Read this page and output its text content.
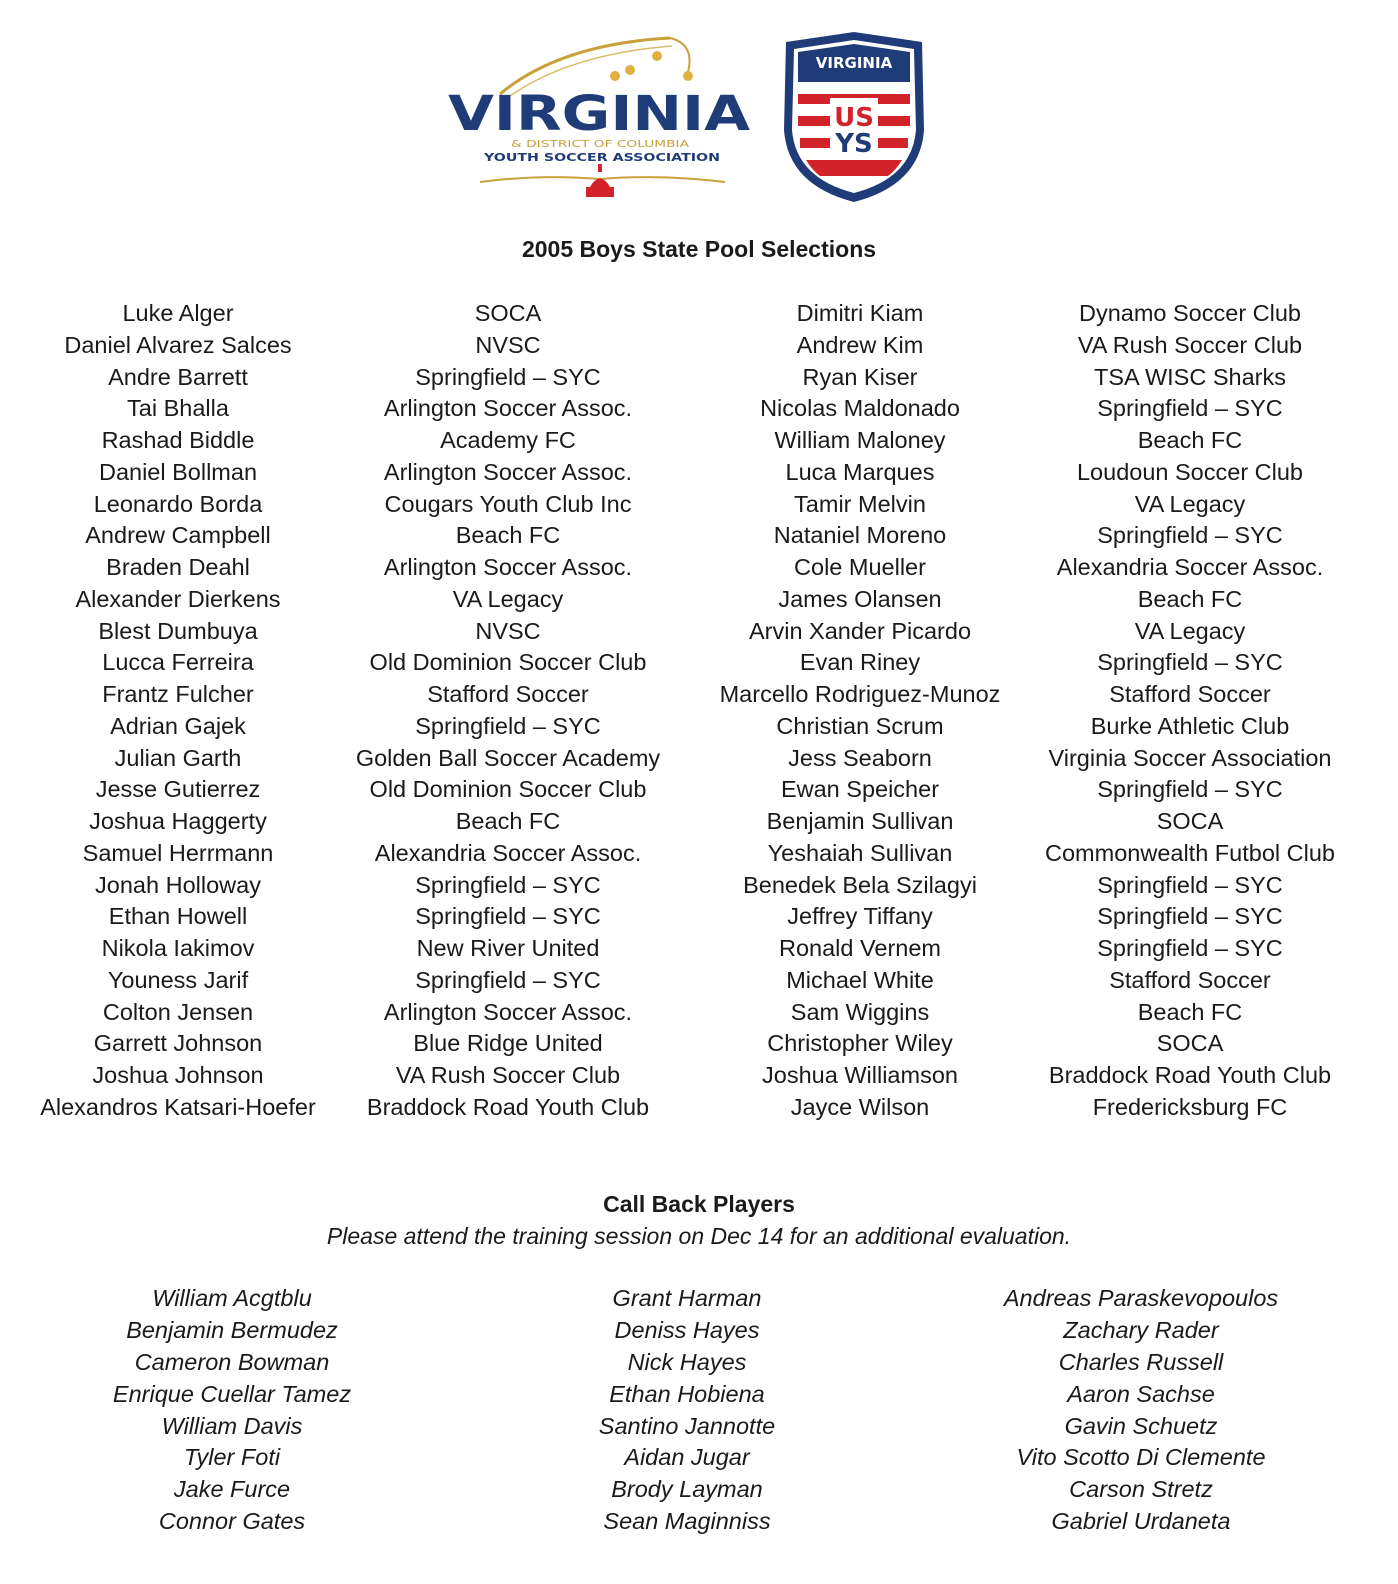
VIRGINIA
& DISTRICT OF COLUMBIA
YOUTH SOCCER ASSOCIATION
VIRGINIA
US
YS
2005 Boys State Pool Selections
Luke Alger
Daniel Alvarez Salces
Andre Barrett
Tai Bhalla
Rashad Biddle
Daniel Bollman
Leonardo Borda
Andrew Campbell
Braden Deahl
Alexander Dierkens
Blest Dumbuya
Lucca Ferreira
Frantz Fulcher
Adrian Gajek
Julian Garth
Jesse Gutierrez
Joshua Haggerty
Samuel Herrmann
Jonah Holloway
Ethan Howell
Nikola Iakimov
Youness Jarif
Colton Jensen
Garrett Johnson
Joshua Johnson
Alexandros Katsari-Hoefer
SOCA
NVSC
Springfield – SYC
Arlington Soccer Assoc.
Academy FC
Arlington Soccer Assoc.
Cougars Youth Club Inc
Beach FC
Arlington Soccer Assoc.
VA Legacy
NVSC
Old Dominion Soccer Club
Stafford Soccer
Springfield – SYC
Golden Ball Soccer Academy
Old Dominion Soccer Club
Beach FC
Alexandria Soccer Assoc.
Springfield – SYC
Springfield – SYC
New River United
Springfield – SYC
Arlington Soccer Assoc.
Blue Ridge United
VA Rush Soccer Club
Braddock Road Youth Club
Dimitri Kiam
Andrew Kim
Ryan Kiser
Nicolas Maldonado
William Maloney
Luca Marques
Tamir Melvin
Nataniel Moreno
Cole Mueller
James Olansen
Arvin Xander Picardo
Evan Riney
Marcello Rodriguez-Munoz
Christian Scrum
Jess Seaborn
Ewan Speicher
Benjamin Sullivan
Yeshaiah Sullivan
Benedek Bela Szilagyi
Jeffrey Tiffany
Ronald Vernem
Michael White
Sam Wiggins
Christopher Wiley
Joshua Williamson
Jayce Wilson
Dynamo Soccer Club
VA Rush Soccer Club
TSA WISC Sharks
Springfield – SYC
Beach FC
Loudoun Soccer Club
VA Legacy
Springfield – SYC
Alexandria Soccer Assoc.
Beach FC
VA Legacy
Springfield – SYC
Stafford Soccer
Burke Athletic Club
Virginia Soccer Association
Springfield – SYC
SOCA
Commonwealth Futbol Club
Springfield – SYC
Springfield – SYC
Springfield – SYC
Stafford Soccer
Beach FC
SOCA
Braddock Road Youth Club
Fredericksburg FC
Call Back Players

Please attend the training session on Dec 14 for an additional evaluation.

William Acgtblu
Benjamin Bermudez
Cameron Bowman
Enrique Cuellar Tamez
William Davis
Tyler Foti
Jake Furce
Connor Gates
Grant Harman
Deniss Hayes
Nick Hayes
Ethan Hobiena
Santino Jannotte
Aidan Jugar
Brody Layman
Sean Maginniss
Andreas Paraskevopoulos
Zachary Rader
Charles Russell
Aaron Sachse
Gavin Schuetz
Vito Scotto Di Clemente
Carson Stretz
Gabriel Urdaneta
